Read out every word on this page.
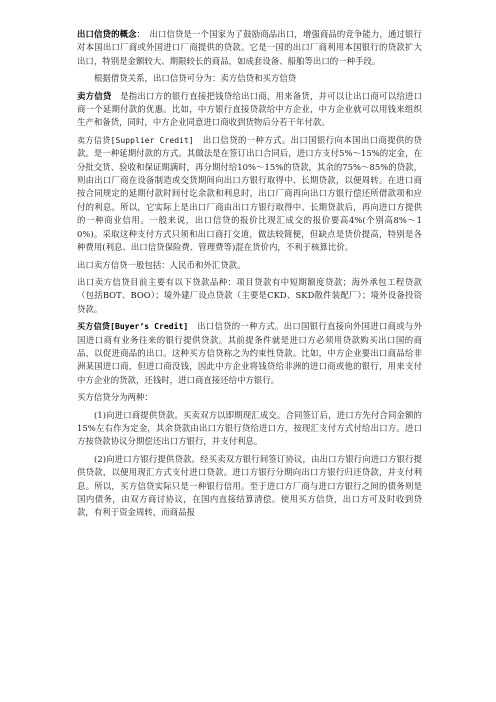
出口信贷的概念：　出口信贷是一个国家为了鼓励商品出口，增强商品的竞争能力，通过银行对本国出口厂商或外国进口厂商提供的贷款。它是一国的出口厂商利用本国银行的贷款扩大出口，特别是金额较大、期限较长的商品，如成套设备、船舶等出口的一种手段。

根据借贷关系，出口信贷可分为：卖方信贷和买方信贷

卖方信贷　是指出口方的银行直接把钱贷给出口商，用来备货，并可以让出口商可以给进口商一个延期付款的优惠。比如，中方银行直接贷款给中方企业，中方企业就可以用钱来组织生产和备货，同时，中方企业同意进口商收到货物后分若干年付款。

卖方信贷[Supplier Credit]　出口信贷的一种方式。出口国银行向本国出口商提供的贷款。是一种延期付款的方式。其做法是在签订出口合同后，进口方支付5%～15%的定金，在分批交货、验收和保证期满时，再分期付给10%～15%的贷款，其余的75%～85%的贷款，则由出口厂商在设备制造或交货期间向出口方银行取得中、长期贷款，以便周转。在进口商按合同规定的延期付款时间付讫余款和利息时，出口厂商再向出口方银行偿还所借款项和应付的利息。所以，它实际上是出口厂商由出口方银行取得中、长期贷款后，再向进口方提供的一种商业信用。一般来说，出口信贷的报价比现汇成交的报价要高4%(个别高8%～10%)。采取这种支付方式只须和出口商打交道，做法较简便，但缺点是货价提高，特别是各种费用(利息、出口信贷保险费、管理费等)混在货价内，不利于核算比价。

出口卖方信贷一般包括：人民币和外汇贷款。

出口卖方信贷目前主要有以下贷款品种：项目贷款有中短期额度贷款；海外承包工程贷款（包括BOT、BOO）；境外建厂设点贷款（主要是CKD、SKD散件装配厂）；境外设备投资贷款。

买方信贷[Buyer’s Credit]　出口信贷的一种方式。出口国银行直接向外国进口商或与外国进口商有业务往来的银行提供贷款。其前提条件就是进口方必须用贷款购买出口国的商品，以促进商品的出口。这种买方信贷称之为约束性贷款。比如，中方企业要出口商品给非洲某国进口商，但进口商没钱，因此中方企业将钱贷给非洲的进口商或他的银行，用来支付中方企业的货款，还钱时，进口商直接还给中方银行。

买方信贷分为两种：

(1)向进口商提供贷款。买卖双方以即期现汇成交。合同签订后，进口方先付合同金额的15%左右作为定金，其余贷款由出口方银行贷给进口方，按现汇支付方式付给出口方。进口方按贷款协议分期偿还出口方银行，并支付利息。

(2)向进口方银行提供贷款。经买卖双方银行间签订协议，由出口方银行向进口方银行提供贷款，以便用现汇方式支付进口贷款。进口方银行分期向出口方银行归还贷款，并支付利息。所以，买方信贷实际只是一种银行信用。至于进口方厂商与进口方银行之间的债务则是国内债务，由双方商讨协议，在国内直接结算清偿。使用买方信贷，出口方可及时收到贷款，有利于资金周转，而商品报
